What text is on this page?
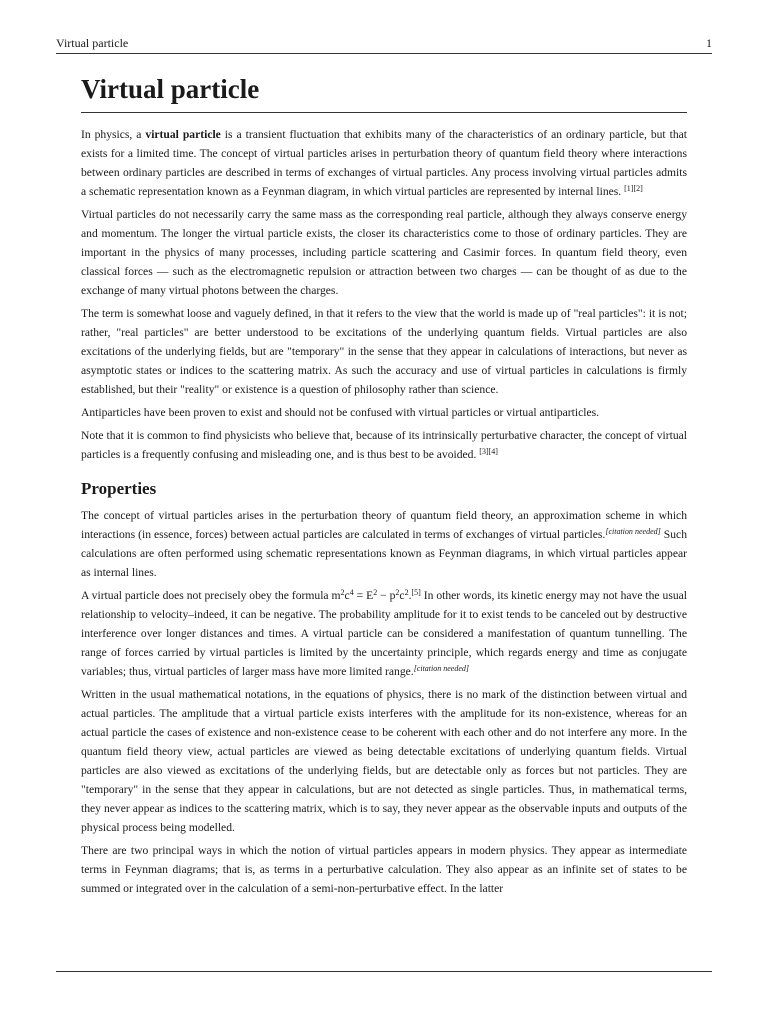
Virtual particle	1
Virtual particle

In physics, a virtual particle is a transient fluctuation that exhibits many of the characteristics of an ordinary particle, but that exists for a limited time. The concept of virtual particles arises in perturbation theory of quantum field theory where interactions between ordinary particles are described in terms of exchanges of virtual particles. Any process involving virtual particles admits a schematic representation known as a Feynman diagram, in which virtual particles are represented by internal lines. [1][2]

Virtual particles do not necessarily carry the same mass as the corresponding real particle, although they always conserve energy and momentum. The longer the virtual particle exists, the closer its characteristics come to those of ordinary particles. They are important in the physics of many processes, including particle scattering and Casimir forces. In quantum field theory, even classical forces — such as the electromagnetic repulsion or attraction between two charges — can be thought of as due to the exchange of many virtual photons between the charges.

The term is somewhat loose and vaguely defined, in that it refers to the view that the world is made up of "real particles": it is not; rather, "real particles" are better understood to be excitations of the underlying quantum fields. Virtual particles are also excitations of the underlying fields, but are "temporary" in the sense that they appear in calculations of interactions, but never as asymptotic states or indices to the scattering matrix. As such the accuracy and use of virtual particles in calculations is firmly established, but their "reality" or existence is a question of philosophy rather than science.

Antiparticles have been proven to exist and should not be confused with virtual particles or virtual antiparticles.

Note that it is common to find physicists who believe that, because of its intrinsically perturbative character, the concept of virtual particles is a frequently confusing and misleading one, and is thus best to be avoided. [3][4]

Properties

The concept of virtual particles arises in the perturbation theory of quantum field theory, an approximation scheme in which interactions (in essence, forces) between actual particles are calculated in terms of exchanges of virtual particles.[citation needed] Such calculations are often performed using schematic representations known as Feynman diagrams, in which virtual particles appear as internal lines.

A virtual particle does not precisely obey the formula $m^2c^4 = E^2 - p^2c^2.[5]$ In other words, its kinetic energy may not have the usual relationship to velocity–indeed, it can be negative. The probability amplitude for it to exist tends to be canceled out by destructive interference over longer distances and times. A virtual particle can be considered a manifestation of quantum tunnelling. The range of forces carried by virtual particles is limited by the uncertainty principle, which regards energy and time as conjugate variables; thus, virtual particles of larger mass have more limited range.[citation needed]

Written in the usual mathematical notations, in the equations of physics, there is no mark of the distinction between virtual and actual particles. The amplitude that a virtual particle exists interferes with the amplitude for its non-existence, whereas for an actual particle the cases of existence and non-existence cease to be coherent with each other and do not interfere any more. In the quantum field theory view, actual particles are viewed as being detectable excitations of underlying quantum fields. Virtual particles are also viewed as excitations of the underlying fields, but are detectable only as forces but not particles. They are "temporary" in the sense that they appear in calculations, but are not detected as single particles. Thus, in mathematical terms, they never appear as indices to the scattering matrix, which is to say, they never appear as the observable inputs and outputs of the physical process being modelled.

There are two principal ways in which the notion of virtual particles appears in modern physics. They appear as intermediate terms in Feynman diagrams; that is, as terms in a perturbative calculation. They also appear as an infinite set of states to be summed or integrated over in the calculation of a semi-non-perturbative effect. In the latter
